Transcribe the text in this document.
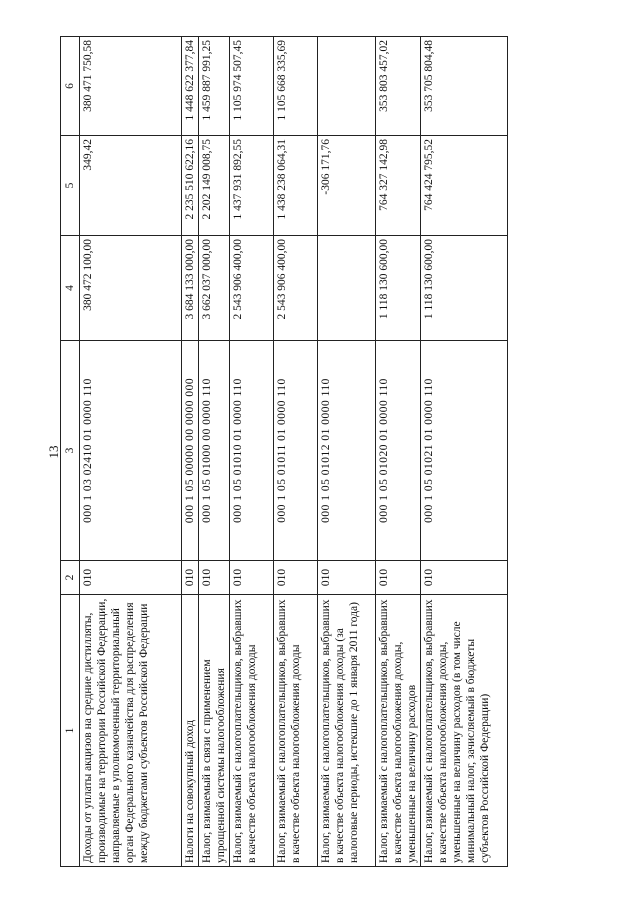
13
1	2	3	4	5	6
Доходы от уплаты акцизов на средние дистилляты, производимые на территории Российской Федерации, направляемые в уполномоченный территориальный орган Федерального казначейства для распределения между бюджетами субъектов Российской Федерации	010	000 1 03 02410 01 0000 110	380 472 100,00	349,42	380 471 750,58
Налоги на совокупный доход	010	000 1 05 00000 00 0000 000	3 684 133 000,00	2 235 510 622,16	1 448 622 377,84
Налог, взимаемый в связи с применением упрощенной системы налогообложения	010	000 1 05 01000 00 0000 110	3 662 037 000,00	2 202 149 008,75	1 459 887 991,25
Налог, взимаемый с налогоплательщиков, выбравших в качестве объекта налогообложения доходы	010	000 1 05 01010 01 0000 110	2 543 906 400,00	1 437 931 892,55	1 105 974 507,45
Налог, взимаемый с налогоплательщиков, выбравших в качестве объекта налогообложения доходы	010	000 1 05 01011 01 0000 110	2 543 906 400,00	1 438 238 064,31	1 105 668 335,69
Налог, взимаемый с налогоплательщиков, выбравших в качестве объекта налогообложения доходы (за налоговые периоды, истекшие до 1 января 2011 года)	010	000 1 05 01012 01 0000 110		-306 171,76	
Налог, взимаемый с налогоплательщиков, выбравших в качестве объекта налогообложения доходы, уменьшенные на величину расходов	010	000 1 05 01020 01 0000 110	1 118 130 600,00	764 327 142,98	353 803 457,02
Налог, взимаемый с налогоплательщиков, выбравших в качестве объекта налогообложения доходы, уменьшенные на величину расходов (в том числе минимальный налог, зачисляемый в бюджеты субъектов Российской Федерации)	010	000 1 05 01021 01 0000 110	1 118 130 600,00	764 424 795,52	353 705 804,48
